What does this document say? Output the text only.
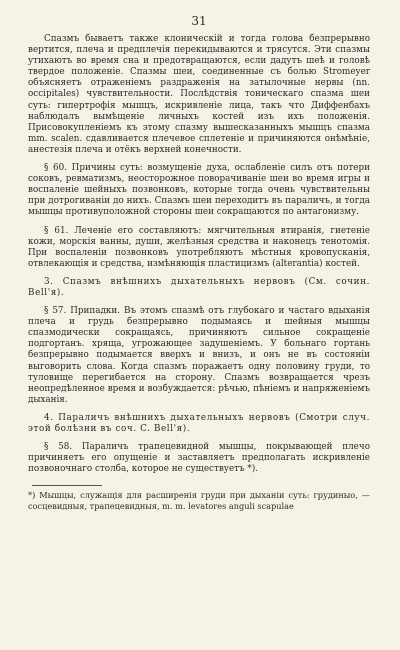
31

Спазмъ бываетъ также клоническій и тогда голова безпрерывно вертится, плеча и предплечія перекидываются и трясутся. Эти спазмы утихаютъ во время сна и предотвращаются, если дадутъ шеѣ и головѣ твердое положеніе. Спазмы шеи, соединенные съ болью Stromeyer объясняетъ отраженіемъ раздраженія на затылочные нервы (nn. occipitales) чувствительности. Послѣдствія тоническаго спазма шеи суть: гипертрофія мышцъ, искривленіе лица, такъ что Диффенбахъ наблюдалъ вымѣщеніе личныхъ костей изъ ихъ положенія. Присовокупленіемъ къ этому спазму вышесказанныхъ мышцъ спазма mm. scalen. сдавливается плечевое сплетеніе и причиняются онѣмѣніе, анестезія плеча и отёкъ верхней конечности.

§ 60. Причины суть: возмущеніе духа, ослабленіе силъ отъ потери соковъ, ревматизмъ, неосторожное поворачиваніе шеи во время игры и воспаленіе шейныхъ позвонковъ, которые тогда очень чувствительны при дотрогиваніи до нихъ. Спазмъ шеи переходитъ въ параличъ, и тогда мышцы противуположной стороны шеи сокращаются по антагонизму.

§ 61. Леченіе его составляютъ: мягчительныя втиранія, гиетеніе кожи, морскія ванны, души, желѣзныя средства и наконецъ тенотомія. При воспаленіи позвонковъ употребляютъ мѣстныя кровопусканія, отвлекающія и средства, измѣняющія пластицизмъ (alterantia) костей.

3. Спазмъ внѣшнихъ дыхательныхъ нервовъ (См. сочин. Bell'я).

§ 57. Припадки. Въ этомъ спазмѣ отъ глубокаго и частаго вдыханія плеча и грудь безпрерывно подымаясь и шейныя мышцы спазмодически сокращаясь, причиняютъ сильное сокращеніе подгортанъ. хряща, угрожающее задушеніемъ. У больнаго гортань безпрерывно подымается вверхъ и внизъ, и онъ не въ состояніи выговорить слова. Когда спазмъ поражаетъ одну половину груди, то туловище перегибается на сторону. Спазмъ возвращается чрезъ неопредѣленное время и возбуждается: рѣчью, пѣніемъ и напряженіемъ дыханія.

4. Параличъ внѣшнихъ дыхательныхъ нервовъ (Смотри случ. этой болѣзни въ соч. C. Bell'я).

§ 58. Параличъ трапецевидной мышцы, покрывающей плечо причиняетъ его опущеніе и заставляетъ предполагать искривленіе позвоночнаго столба, которое не существуетъ *).

*) Мышцы, служащія для расширенія груди при дыханіи суть: грудиныо, — сосцевидныя, трапецевидныя, m. m. levatores anguli scapulae
